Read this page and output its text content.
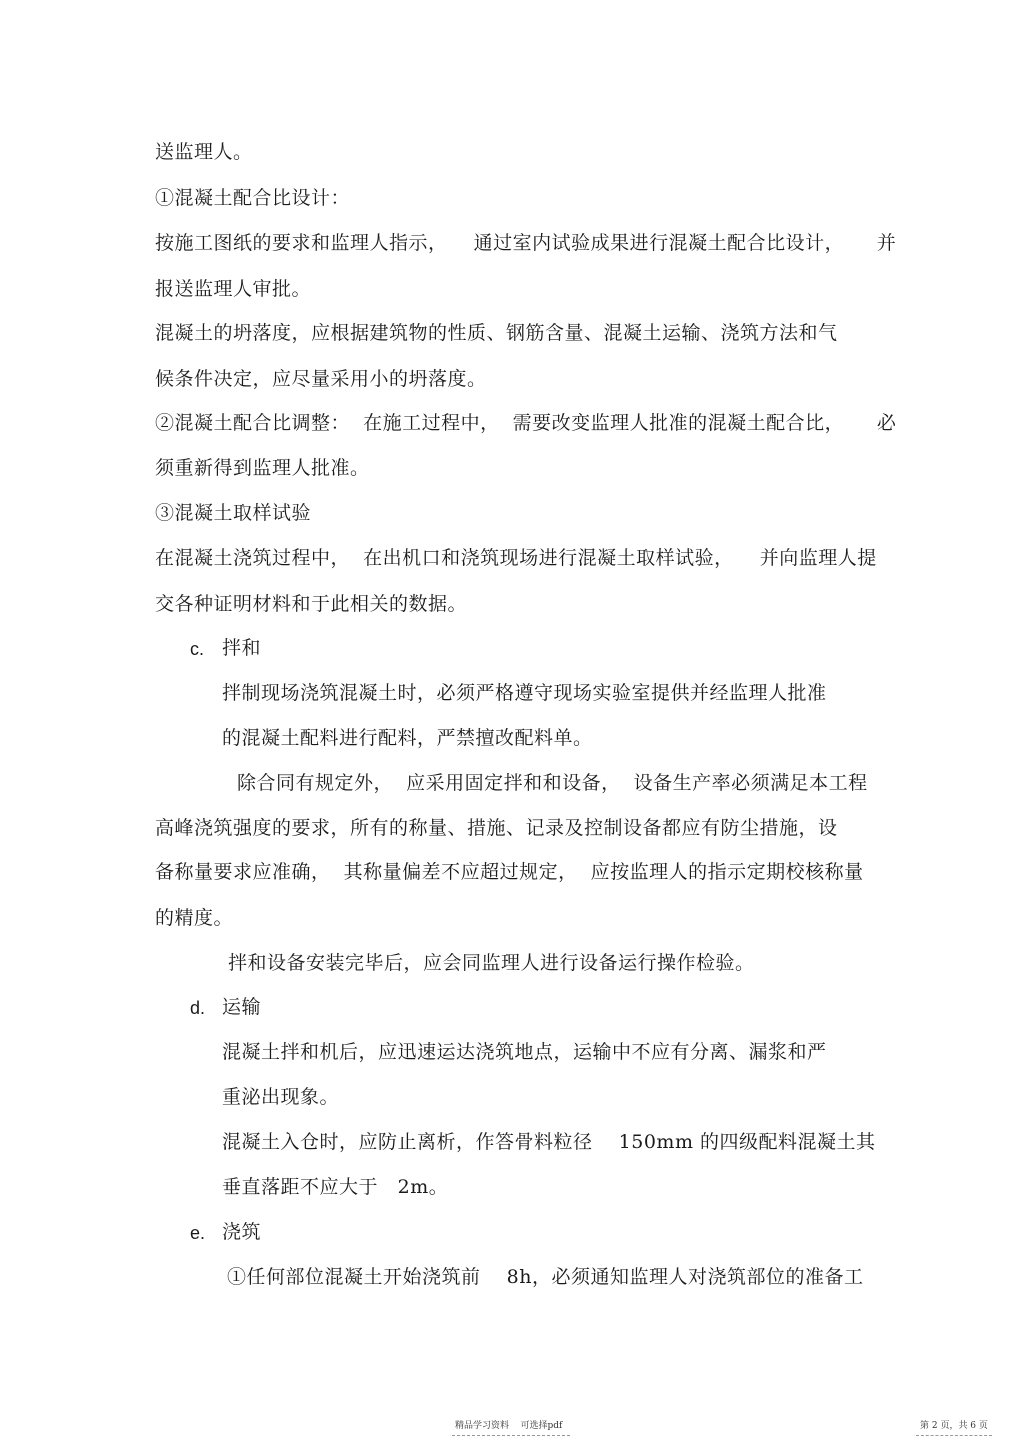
送监理人。
①混凝土配合比设计：
按施工图纸的要求和监理人指示，    通过室内试验成果进行混凝土配合比设计，     并
报送监理人审批。
混凝土的坍落度，应根据建筑物的性质、钢筋含量、混凝土运输、浇筑方法和气
候条件决定，应尽量采用小的坍落度。
②混凝土配合比调整：  在施工过程中，  需要改变监理人批准的混凝土配合比，     必
须重新得到监理人批准。
③混凝土取样试验
在混凝土浇筑过程中，  在出机口和浇筑现场进行混凝土取样试验，    并向监理人提
交各种证明材料和于此相关的数据。
c. 拌和
拌制现场浇筑混凝土时，必须严格遵守现场实验室提供并经监理人批准
的混凝土配料进行配料，严禁擅改配料单。
除合同有规定外，  应采用固定拌和和设备，  设备生产率必须满足本工程
高峰浇筑强度的要求，所有的称量、措施、记录及控制设备都应有防尘措施，设
备称量要求应准确，  其称量偏差不应超过规定，  应按监理人的指示定期校核称量
的精度。
拌和设备安装完毕后，应会同监理人进行设备运行操作检验。
d. 运输
混凝土拌和机后，应迅速运达浇筑地点，运输中不应有分离、漏浆和严
重泌出现象。
混凝土入仓时，应防止离析，作答骨料粒径    150mm 的四级配料混凝土其
垂直落距不应大于   2m。
e. 浇筑
①任何部位混凝土开始浇筑前    8h，必须通知监理人对浇筑部位的准备工
精品学习资料    可选择pdf	第 2 页，共 6 页
